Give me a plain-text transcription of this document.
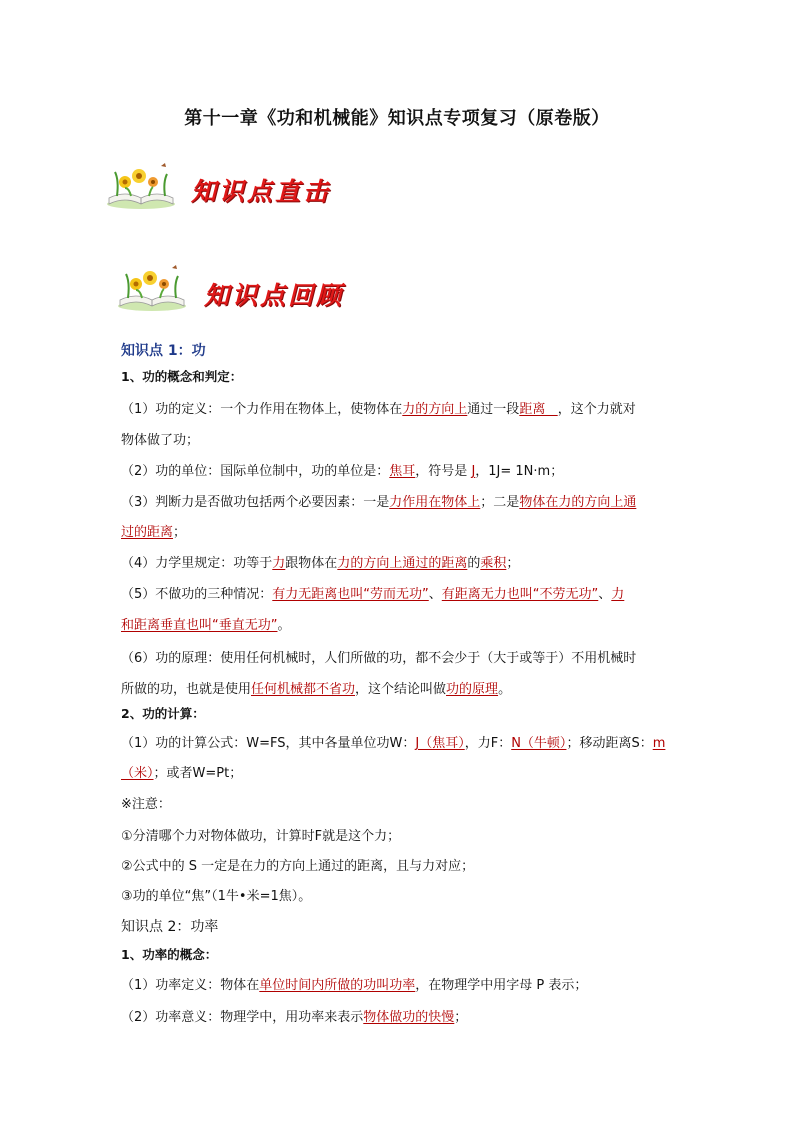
第十一章《功和机械能》知识点专项复习（原卷版）
知识点直击
知识点回顾
知识点 1：功
1、功的概念和判定：
（1）功的定义：一个力作用在物体上，使物体在力的方向上通过一段距离   ，这个力就对
物体做了功；
（2）功的单位：国际单位制中，功的单位是：焦耳，符号是 J，1J= 1N·m；
（3）判断力是否做功包括两个必要因素：一是力作用在物体上；二是物体在力的方向上通
过的距离；
（4）力学里规定：功等于力跟物体在力的方向上通过的距离的乘积；
（5）不做功的三种情况：有力无距离也叫“劳而无功”、有距离无力也叫“不劳无功”、力
和距离垂直也叫“垂直无功”。
（6）功的原理：使用任何机械时，人们所做的功，都不会少于（大于或等于）不用机械时
所做的功，也就是使用任何机械都不省功，这个结论叫做功的原理。
2、功的计算：
（1）功的计算公式：W=FS，其中各量单位功W：J（焦耳），力F：N（牛顿）；移动距离S：m
（米）；或者W=Pt；
※注意：
①分清哪个力对物体做功，计算时F就是这个力；
②公式中的 S 一定是在力的方向上通过的距离，且与力对应；
③功的单位“焦”（1牛•米=1焦）。
知识点 2：功率
1、功率的概念：
（1）功率定义：物体在单位时间内所做的功叫功率，在物理学中用字母 P 表示；
（2）功率意义：物理学中，用功率来表示物体做功的快慢；
